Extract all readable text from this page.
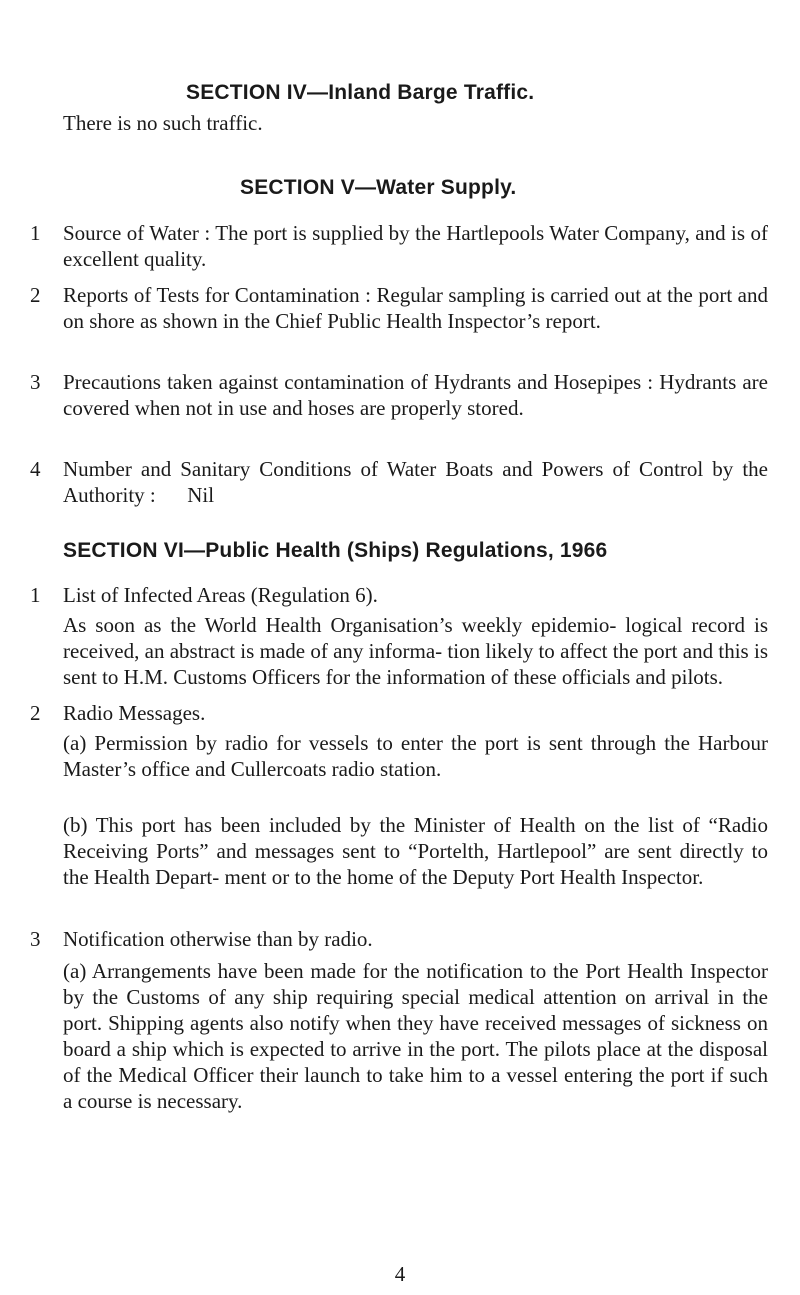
SECTION IV—Inland Barge Traffic.

There is no such traffic.

SECTION V—Water Supply.
1 Source of Water : The port is supplied by the Hartlepools Water Company, and is of excellent quality.

2 Reports of Tests for Contamination : Regular sampling is carried out at the port and on shore as shown in the Chief Public Health Inspector’s report.

3 Precautions taken against contamination of Hydrants and Hosepipes : Hydrants are covered when not in use and hoses are properly stored.

4 Number and Sanitary Conditions of Water Boats and Powers of Control by the Authority :      Nil

SECTION VI—Public Health (Ships) Regulations, 1966
1 List of Infected Areas (Regulation 6).

As soon as the World Health Organisation’s weekly epidemio- logical record is received, an abstract is made of any informa- tion likely to affect the port and this is sent to H.M. Customs Officers for the information of these officials and pilots.

2 Radio Messages.

(a) Permission by radio for vessels to enter the port is sent through the Harbour Master’s office and Cullercoats radio station.

(b) This port has been included by the Minister of Health on the list of “Radio Receiving Ports” and messages sent to “Portelth, Hartlepool” are sent directly to the Health Depart- ment or to the home of the Deputy Port Health Inspector.

3 Notification otherwise than by radio.

(a) Arrangements have been made for the notification to the Port Health Inspector by the Customs of any ship requiring special medical attention on arrival in the port. Shipping agents also notify when they have received messages of sickness on board a ship which is expected to arrive in the port. The pilots place at the disposal of the Medical Officer their launch to take him to a vessel entering the port if such a course is necessary.

4
